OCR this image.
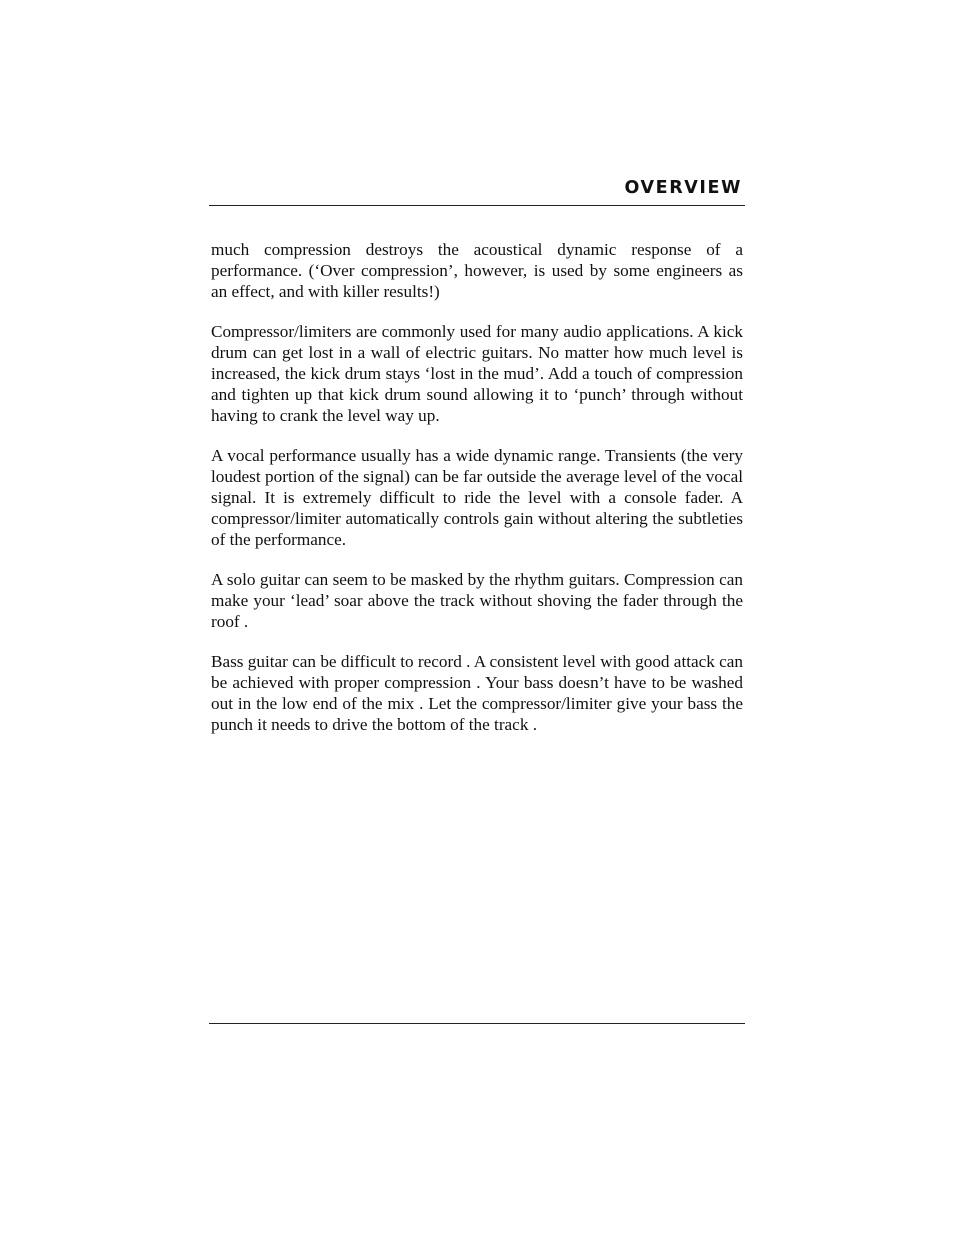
OVERVIEW

much compression destroys the acoustical dynamic response of a performance. (‘Over compression’, however, is used by some engineers as an effect, and with killer results!)

Compressor/limiters are commonly used for many audio applications. A kick drum can get lost in a wall of electric guitars. No matter how much level is increased, the kick drum stays ‘lost in the mud’. Add a touch of compression and tighten up that kick drum sound allowing it to ‘punch’ through without having to crank the level way up.

A vocal performance usually has a wide dynamic range. Transients (the very loudest portion of the signal) can be far outside the average level of the vocal signal. It is extremely difficult to ride the level with a console fader. A compressor/limiter automatically controls gain without altering the subtleties of the performance.

A solo guitar can seem to be masked by the rhythm guitars. Compression can make your ‘lead’ soar above the track without shoving the fader through the roof .

Bass guitar can be difficult to record . A consistent level with good attack can be achieved with proper compression . Your bass doesn’t have to be washed out in the low end of the mix . Let the compressor/limiter give your bass the punch it needs to drive the bottom of the track .
